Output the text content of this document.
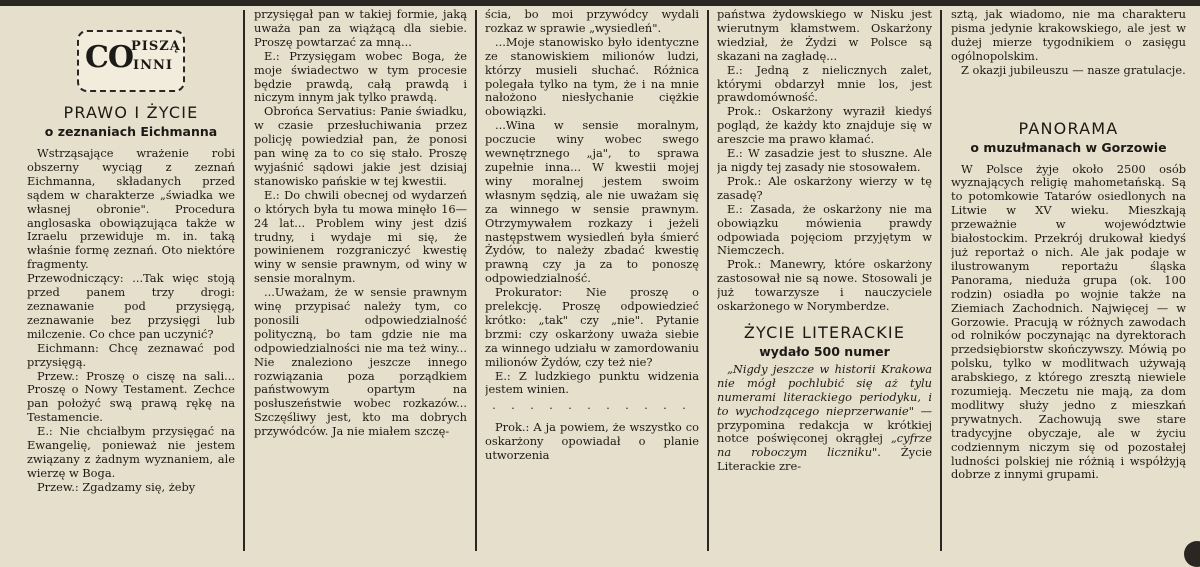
CO
PISZĄ
INNI
PRAWO I ŻYCIE
o zeznaniach Eichmanna

Wstrząsające wrażenie robi obszerny wyciąg z zeznań Eichmanna, składanych przed sądem w charakterze „świadka we własnej obronie". Procedura anglosaska obowiązująca także w Izraelu przewiduje m. in. taką właśnie formę zeznań. Oto niektóre fragmenty.

Przewodniczący: ...Tak więc stoją przed panem trzy drogi: zeznawanie pod przysięgą, zeznawanie bez przysięgi lub milczenie. Co chce pan uczynić?

Eichmann: Chcę zeznawać pod przysięgą.

Przew.: Proszę o ciszę na sali... Proszę o Nowy Testament. Zechce pan położyć swą prawą rękę na Testamencie.

E.: Nie chciałbym przysięgać na Ewangelię, ponieważ nie jestem związany z żadnym wyznaniem, ale wierzę w Boga.

Przew.: Zgadzamy się, żeby

przysięgał pan w takiej formie, jaką uważa pan za wiążącą dla siebie. Proszę powtarzać za mną...

E.: Przysięgam wobec Boga, że moje świadectwo w tym procesie będzie prawdą, całą prawdą i niczym innym jak tylko prawdą.

Obrońca Servatius: Panie świadku, w czasie przesłuchiwania przez policję powiedział pan, że ponosi pan winę za to co się stało. Proszę wyjaśnić sądowi jakie jest dzisiaj stanowisko pańskie w tej kwestii.

E.: Do chwili obecnej od wydarzeń o których była tu mowa minęło 16—24 lat... Problem winy jest dziś trudny, i wydaje mi się, że powinienem rozgraniczyć kwestię winy w sensie prawnym, od winy w sensie moralnym.

...Uważam, że w sensie prawnym winę przypisać należy tym, co ponosili odpowiedzialność polityczną, bo tam gdzie nie ma odpowiedzialności nie ma też winy... Nie znaleziono jeszcze innego rozwiązania poza porządkiem państwowym opartym na posłuszeństwie wobec rozkazów... Szczęśliwy jest, kto ma dobrych przywódców. Ja nie miałem szczę-

ścia, bo moi przywódcy wydali rozkaz w sprawie „wysiedleń".

...Moje stanowisko było identyczne ze stanowiskiem milionów ludzi, którzy musieli słuchać. Różnica polegała tylko na tym, że i na mnie nałożono niesłychanie ciężkie obowiązki.

...Wina w sensie moralnym, poczucie winy wobec swego wewnętrznego „ja", to sprawa zupełnie inna... W kwestii mojej winy moralnej jestem swoim własnym sędzią, ale nie uważam się za winnego w sensie prawnym. Otrzymywałem rozkazy i jeżeli następstwem wysiedleń była śmierć Żydów, to należy zbadać kwestię prawną czy ja za to ponoszę odpowiedzialność.

Prokurator: Nie proszę o prelekcję. Proszę odpowiedzieć krótko: „tak" czy „nie". Pytanie brzmi: czy oskarżony uważa siebie za winnego udziału w zamordowaniu milionów Żydów, czy też nie?

E.: Z ludzkiego punktu widzenia jestem winien.

· · · · · · · · · · ·

Prok.: A ja powiem, że wszystko co oskarżony opowiadał o planie utworzenia

państwa żydowskiego w Nisku jest wierutnym kłamstwem. Oskarżony wiedział, że Żydzi w Polsce są skazani na zagładę...

E.: Jedną z nielicznych zalet, którymi obdarzył mnie los, jest prawdomówność.

Prok.: Oskarżony wyraził kiedyś pogląd, że każdy kto znajduje się w areszcie ma prawo kłamać.

E.: W zasadzie jest to słuszne. Ale ja nigdy tej zasady nie stosowałem.

Prok.: Ale oskarżony wierzy w tę zasadę?

E.: Zasada, że oskarżony nie ma obowiązku mówienia prawdy odpowiada pojęciom przyjętym w Niemczech.

Prok.: Manewry, które oskarżony zastosował nie są nowe. Stosowali je już towarzysze i nauczyciele oskarżonego w Norymberdze.

ŻYCIE LITERACKIE
wydało 500 numer

„Nigdy jeszcze w historii Krakowa nie mógł pochlubić się aż tylu numerami literackiego periodyku, i to wychodzącego nieprzerwanie" — przypomina redakcja w krótkiej notce poświęconej okrągłej „cyfrze na roboczym liczniku". Życie Literackie zre-

sztą, jak wiadomo, nie ma charakteru pisma jedynie krakowskiego, ale jest w dużej mierze tygodnikiem o zasięgu ogólnopolskim.

Z okazji jubileuszu — nasze gratulacje.

PANORAMA
o muzułmanach w Gorzowie

W Polsce żyje około 2500 osób wyznających religię mahometańską. Są to potomkowie Tatarów osiedlonych na Litwie w XV wieku. Mieszkają przeważnie w województwie białostockim. Przekrój drukował kiedyś już reportaż o nich. Ale jak podaje w ilustrowanym reportażu śląska Panorama, nieduża grupa (ok. 100 rodzin) osiadła po wojnie także na Ziemiach Zachodnich. Najwięcej — w Gorzowie. Pracują w różnych zawodach od rolników poczynając na dyrektorach przedsiębiorstw skończywszy. Mówią po polsku, tylko w modlitwach używają arabskiego, z którego zresztą niewiele rozumieją. Meczetu nie mają, za dom modlitwy służy jedno z mieszkań prywatnych. Zachowują swe stare tradycyjne obyczaje, ale w życiu codziennym niczym się od pozostałej ludności polskiej nie różnią i współżyją dobrze z innymi grupami.
